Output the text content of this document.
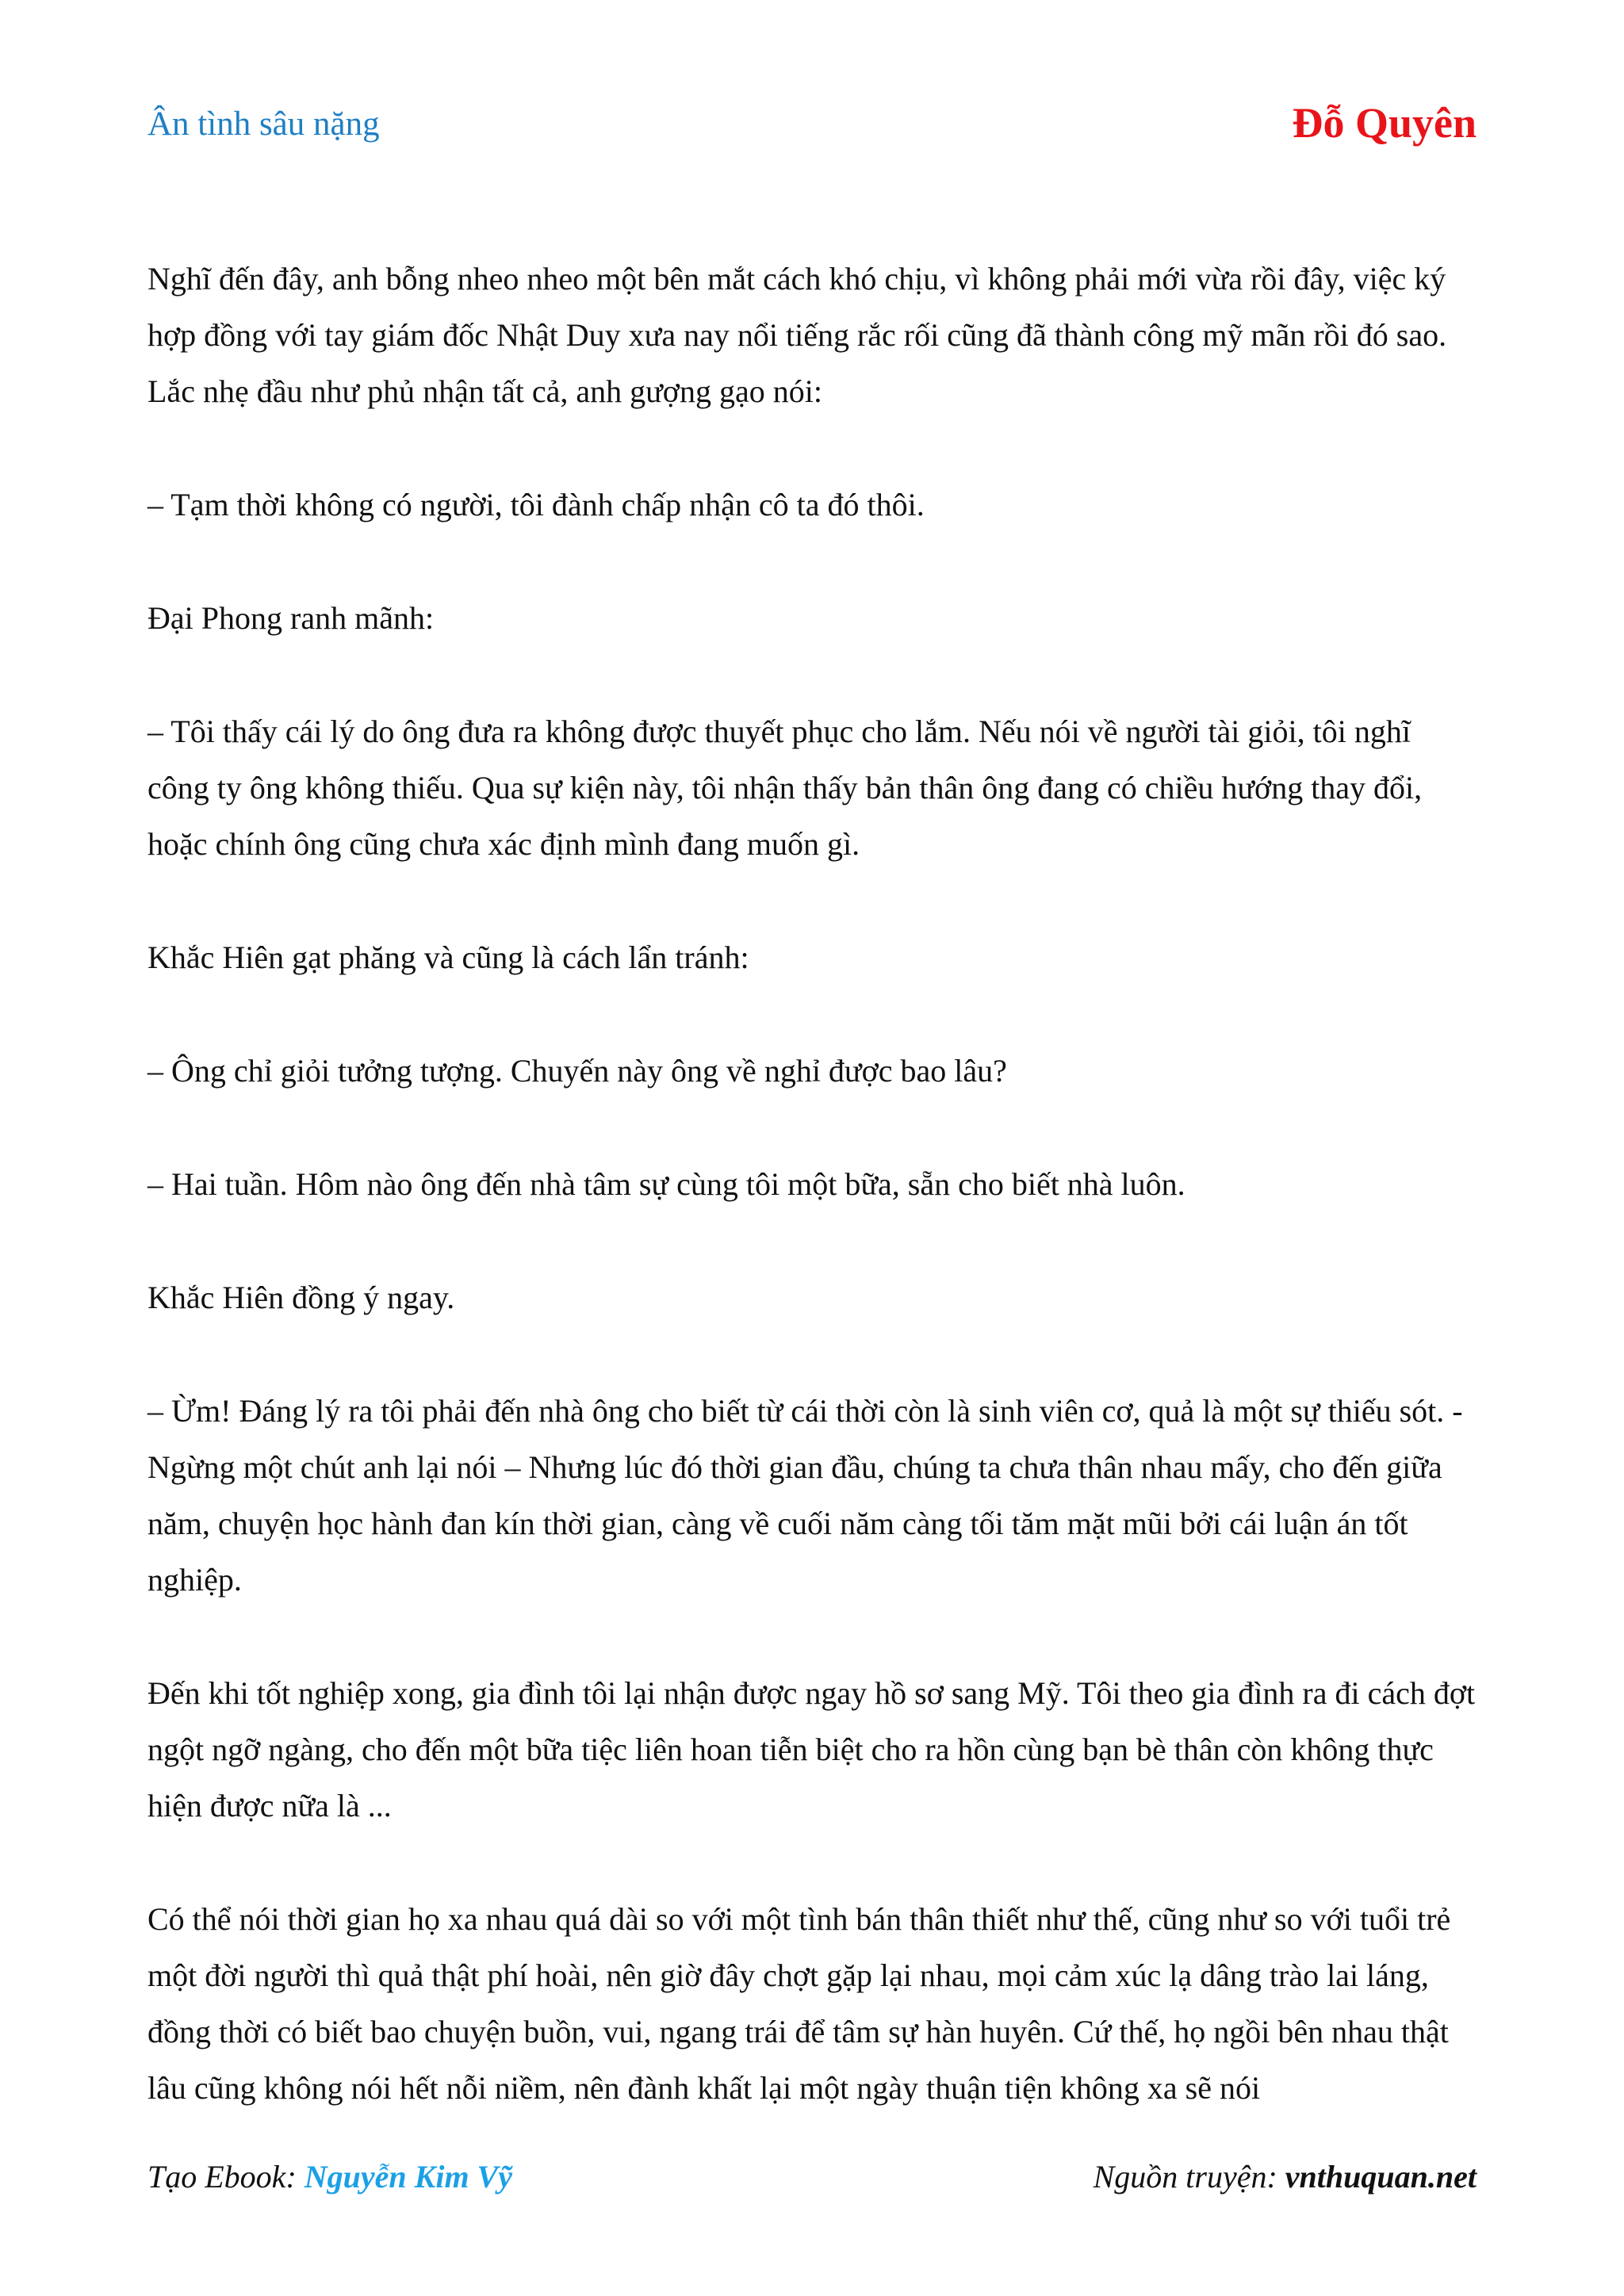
Ân tình sâu nặng	Đỗ Quyên

Nghĩ đến đây, anh bỗng nheo nheo một bên mắt cách khó chịu, vì không phải mới vừa rồi đây, việc ký hợp đồng với tay giám đốc Nhật Duy xưa nay nổi tiếng rắc rối cũng đã thành công mỹ mãn rồi đó sao. Lắc nhẹ đầu như phủ nhận tất cả, anh gượng gạo nói:

– Tạm thời không có người, tôi đành chấp nhận cô ta đó thôi.

Đại Phong ranh mãnh:

– Tôi thấy cái lý do ông đưa ra không được thuyết phục cho lắm. Nếu nói về người tài giỏi, tôi nghĩ công ty ông không thiếu. Qua sự kiện này, tôi nhận thấy bản thân ông đang có chiều hướng thay đổi, hoặc chính ông cũng chưa xác định mình đang muốn gì.

Khắc Hiên gạt phăng và cũng là cách lẩn tránh:

– Ông chỉ giỏi tưởng tượng. Chuyến này ông về nghỉ được bao lâu?

– Hai tuần. Hôm nào ông đến nhà tâm sự cùng tôi một bữa, sẵn cho biết nhà luôn.

Khắc Hiên đồng ý ngay.

– Ừm! Đáng lý ra tôi phải đến nhà ông cho biết từ cái thời còn là sinh viên cơ, quả là một sự thiếu sót. - Ngừng một chút anh lại nói – Nhưng lúc đó thời gian đầu, chúng ta chưa thân nhau mấy, cho đến giữa năm, chuyện học hành đan kín thời gian, càng về cuối năm càng tối tăm mặt mũi bởi cái luận án tốt nghiệp.

Đến khi tốt nghiệp xong, gia đình tôi lại nhận được ngay hồ sơ sang Mỹ. Tôi theo gia đình ra đi cách đợt ngột ngỡ ngàng, cho đến một bữa tiệc liên hoan tiễn biệt cho ra hồn cùng bạn bè thân còn không thực hiện được nữa là ...

Có thể nói thời gian họ xa nhau quá dài so với một tình bán thân thiết như thế, cũng như so với tuổi trẻ một đời người thì quả thật phí hoài, nên giờ đây chợt gặp lại nhau, mọi cảm xúc lạ dâng trào lai láng, đồng thời có biết bao chuyện buồn, vui, ngang trái để tâm sự hàn huyên. Cứ thế, họ ngồi bên nhau thật lâu cũng không nói hết nỗi niềm, nên đành khất lại một ngày thuận tiện không xa sẽ nói

Tạo Ebook: Nguyễn Kim Vỹ	Nguồn truyện: vnthuquan.net
